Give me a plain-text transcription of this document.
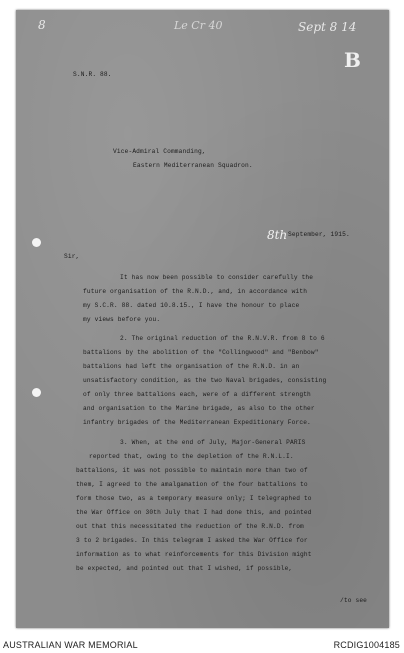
8	Le Cr 40	Sept 8 14
B
S.N.R. 88.
Vice-Admiral Commanding,
Eastern Mediterranean Squadron.
8th September, 1915.
Sir,
It has now been possible to consider carefully the
future organisation of the R.N.D., and, in accordance with
my S.C.R. 88. dated 10.8.15., I have the honour to place
my views before you.
2. The original reduction of the R.N.V.R. from 8 to 6
battalions by the abolition of the "Collingwood" and "Benbow"
battalions had left the organisation of the R.N.D. in an
unsatisfactory condition, as the two Naval brigades, consisting
of only three battalions each, were of a different strength
and organisation to the Marine brigade, as also to the other
infantry brigades of the Mediterranean Expeditionary Force.
3. When, at the end of July, Major-General PARIS
reported that, owing to the depletion of the R.N.L.I.
battalions, it was not possible to maintain more than two of
them, I agreed to the amalgamation of the four battalions to
form those two, as a temporary measure only; I telegraphed to
the War Office on 30th July that I had done this, and pointed
out that this necessitated the reduction of the R.N.D. from
3 to 2 brigades. In this telegram I asked the War Office for
information as to what reinforcements for this Division might
be expected, and pointed out that I wished, if possible,
/to see
AUSTRALIAN WAR MEMORIAL	RCDIG1004185
